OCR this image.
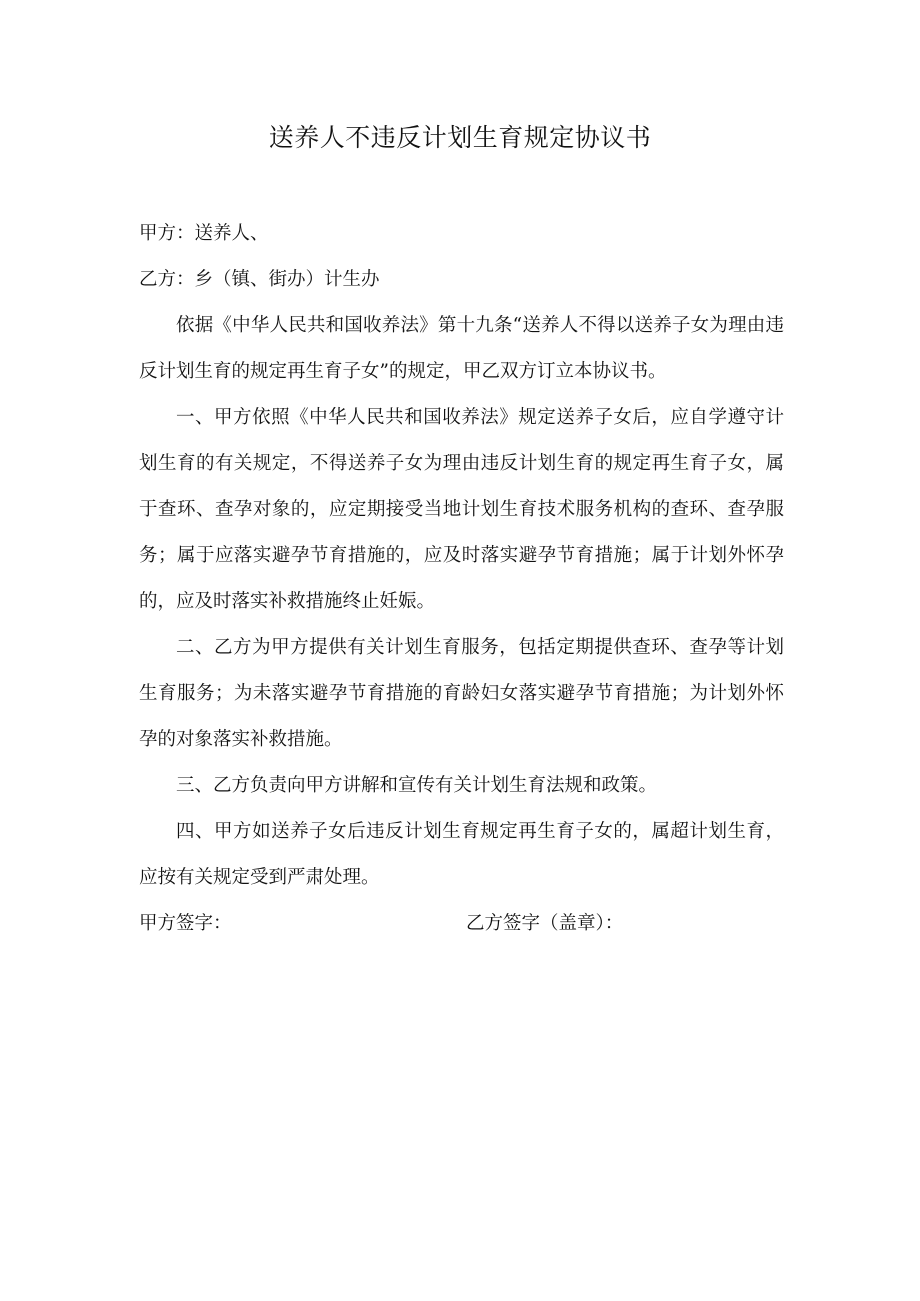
送养人不违反计划生育规定协议书

甲方：送养人、

乙方：乡（镇、街办）计生办

依据《中华人民共和国收养法》第十九条“送养人不得以送养子女为理由违反计划生育的规定再生育子女”的规定，甲乙双方订立本协议书。

一、甲方依照《中华人民共和国收养法》规定送养子女后，应自学遵守计划生育的有关规定，不得送养子女为理由违反计划生育的规定再生育子女，属于查环、查孕对象的，应定期接受当地计划生育技术服务机构的查环、查孕服务；属于应落实避孕节育措施的，应及时落实避孕节育措施；属于计划外怀孕的，应及时落实补救措施终止妊娠。

二、乙方为甲方提供有关计划生育服务，包括定期提供查环、查孕等计划生育服务；为未落实避孕节育措施的育龄妇女落实避孕节育措施；为计划外怀孕的对象落实补救措施。

三、乙方负责向甲方讲解和宣传有关计划生育法规和政策。

四、甲方如送养子女后违反计划生育规定再生育子女的，属超计划生育，应按有关规定受到严肃处理。

甲方签字：	乙方签字（盖章）：
